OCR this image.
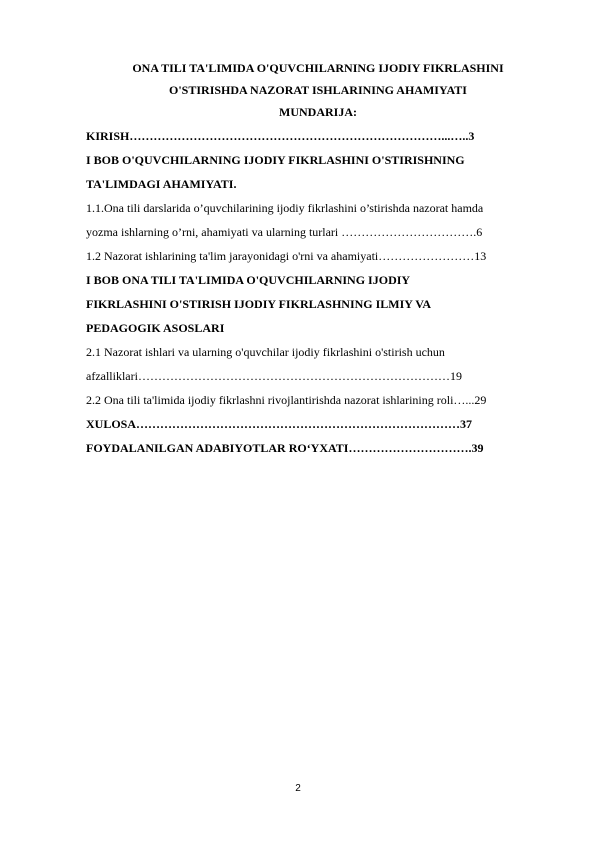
ONA TILI TA'LIMIDA O'QUVCHILARNING IJODIY FIKRLASHINI
O'STIRISHDA NAZORAT ISHLARINING AHAMIYATI
MUNDARIJA:
KIRISH……………………………………………………………………...…..3
I BOB O'QUVCHILARNING IJODIY FIKRLASHINI O'STIRISHNING
TA'LIMDAGI AHAMIYATI.
1.1.Ona tili darslarida o’quvchilarining ijodiy fikrlashini o’stirishda nazorat hamda
yozma ishlarning o’rni, ahamiyati va ularning turlari …………………………….6
1.2 Nazorat ishlarining ta'lim jarayonidagi o'rni va ahamiyati……………………13
I BOB ONA TILI TA'LIMIDA O'QUVCHILARNING IJODIY
FIKRLASHINI O'STIRISH IJODIY FIKRLASHNING ILMIY VA
PEDAGOGIK ASOSLARI
2.1 Nazorat ishlari va ularning o'quvchilar ijodiy fikrlashini o'stirish uchun
afzalliklari……………………………………………………………………19
2.2 Ona tili ta'limida ijodiy fikrlashni rivojlantirishda nazorat ishlarining roli…...29
XULOSA………………………………………………………………………37
FOYDALANILGAN ADABIYOTLAR RO‘YXATI………………………….39
2
